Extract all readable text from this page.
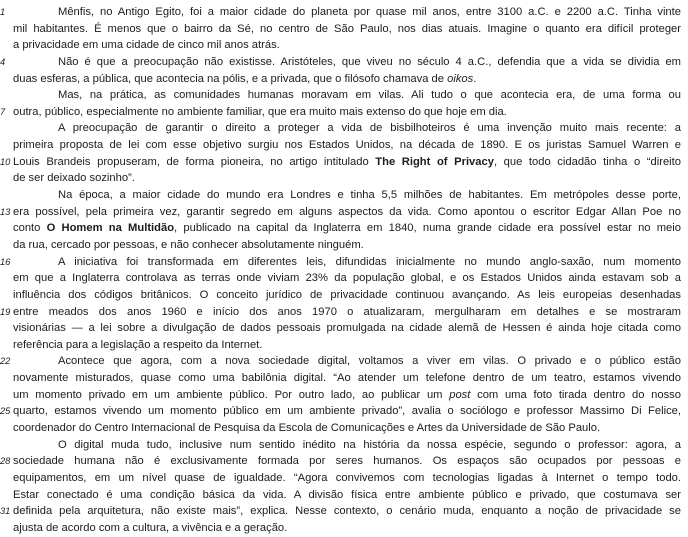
1	Mênfis, no Antigo Egito, foi a maior cidade do planeta por quase mil anos, entre 3100 a.C. e 2200 a.C. Tinha vinte
mil habitantes. É menos que o bairro da Sé, no centro de São Paulo, nos dias atuais. Imagine o quanto era difícil proteger
a privacidade em uma cidade de cinco mil anos atrás.
4	Não é que a preocupação não existisse. Aristóteles, que viveu no século 4 a.C., defendia que a vida se dividia em
duas esferas, a pública, que acontecia na pólis, e a privada, que o filósofo chamava de oikos.
Mas, na prática, as comunidades humanas moravam em vilas. Ali tudo o que acontecia era, de uma forma ou
7 outra, público, especialmente no ambiente familiar, que era muito mais extenso do que hoje em dia.
A preocupação de garantir o direito a proteger a vida de bisbilhoteiros é uma invenção muito mais recente: a
primeira proposta de lei com esse objetivo surgiu nos Estados Unidos, na década de 1890. E os juristas Samuel Warren e
10 Louis Brandeis propuseram, de forma pioneira, no artigo intitulado The Right of Privacy, que todo cidadão tinha o “direito
de ser deixado sozinho”.
Na época, a maior cidade do mundo era Londres e tinha 5,5 milhões de habitantes. Em metrópoles desse porte,
13 era possível, pela primeira vez, garantir segredo em alguns aspectos da vida. Como apontou o escritor Edgar Allan Poe no
conto O Homem na Multidão, publicado na capital da Inglaterra em 1840, numa grande cidade era possível estar no meio
da rua, cercado por pessoas, e não conhecer absolutamente ninguém.
16	A iniciativa foi transformada em diferentes leis, difundidas inicialmente no mundo anglo-saxão, num momento
em que a Inglaterra controlava as terras onde viviam 23% da população global, e os Estados Unidos ainda estavam sob a
influência dos códigos britânicos. O conceito jurídico de privacidade continuou avançando. As leis europeias desenhadas
19 entre meados dos anos 1960 e início dos anos 1970 o atualizaram, mergulharam em detalhes e se mostraram
visionárias — a lei sobre a divulgação de dados pessoais promulgada na cidade alemã de Hessen é ainda hoje citada como
referência para a legislação a respeito da Internet.
22	Acontece que agora, com a nova sociedade digital, voltamos a viver em vilas. O privado e o público estão
novamente misturados, quase como uma babilônia digital. “Ao atender um telefone dentro de um teatro, estamos vivendo
um momento privado em um ambiente público. Por outro lado, ao publicar um post com uma foto tirada dentro do nosso
25 quarto, estamos vivendo um momento público em um ambiente privado”, avalia o sociólogo e professor Massimo Di Felice,
coordenador do Centro Internacional de Pesquisa da Escola de Comunicações e Artes da Universidade de São Paulo.
O digital muda tudo, inclusive num sentido inédito na história da nossa espécie, segundo o professor: agora, a
28 sociedade humana não é exclusivamente formada por seres humanos. Os espaços são ocupados por pessoas e
equipamentos, em um nível quase de igualdade. “Agora convivemos com tecnologias ligadas à Internet o tempo todo.
Estar conectado é uma condição básica da vida. A divisão física entre ambiente público e privado, que costumava ser
31 definida pela arquitetura, não existe mais”, explica. Nesse contexto, o cenário muda, enquanto a noção de privacidade se
ajusta de acordo com a cultura, a vivência e a geração.
